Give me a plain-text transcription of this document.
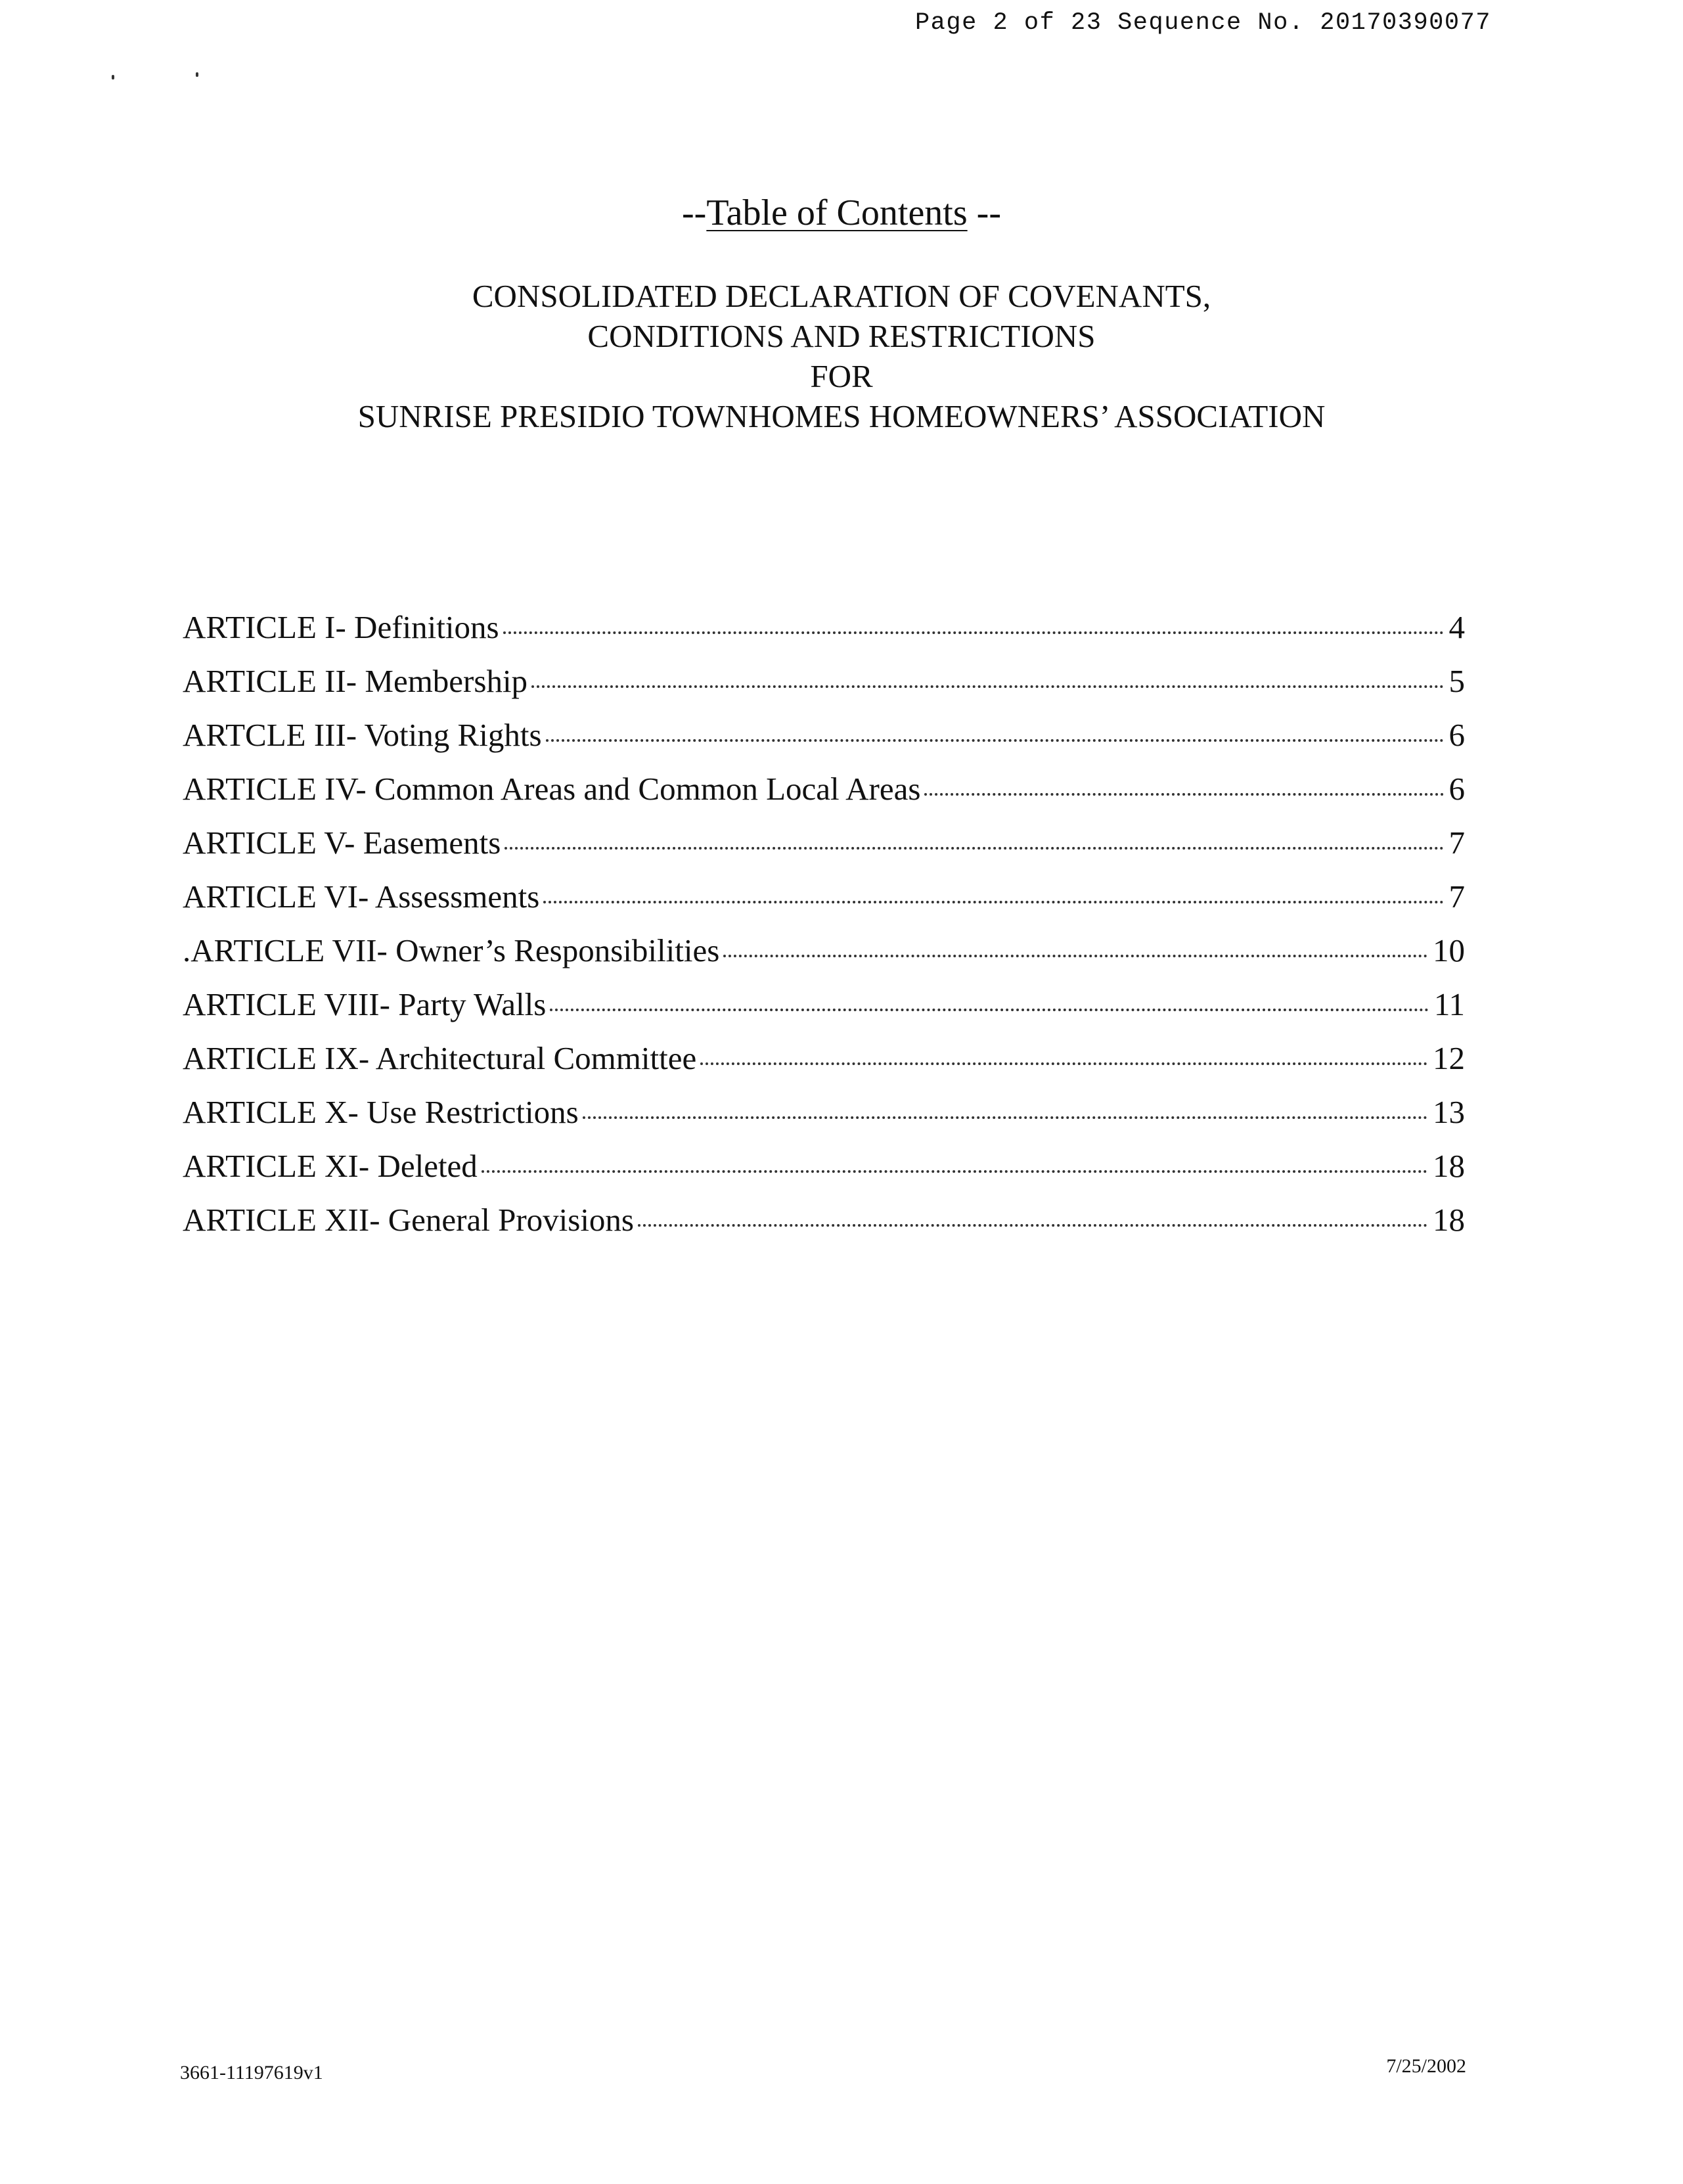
Page 2 of 23 Sequence No. 20170390077
--Table of Contents --
CONSOLIDATED DECLARATION OF COVENANTS,
CONDITIONS AND RESTRICTIONS
FOR
SUNRISE PRESIDIO TOWNHOMES HOMEOWNERS’ ASSOCIATION
ARTICLE I- Definitions	4
ARTICLE II- Membership	5
ARTCLE III- Voting Rights	6
ARTICLE IV- Common Areas and Common Local Areas	6
ARTICLE V- Easements	7
ARTICLE VI- Assessments	7
.ARTICLE VII- Owner’s Responsibilities	10
ARTICLE VIII- Party Walls	11
ARTICLE IX- Architectural Committee	12
ARTICLE X- Use Restrictions	13
ARTICLE XI- Deleted	18
ARTICLE XII- General Provisions	18
3661-11197619v1	7/25/2002
